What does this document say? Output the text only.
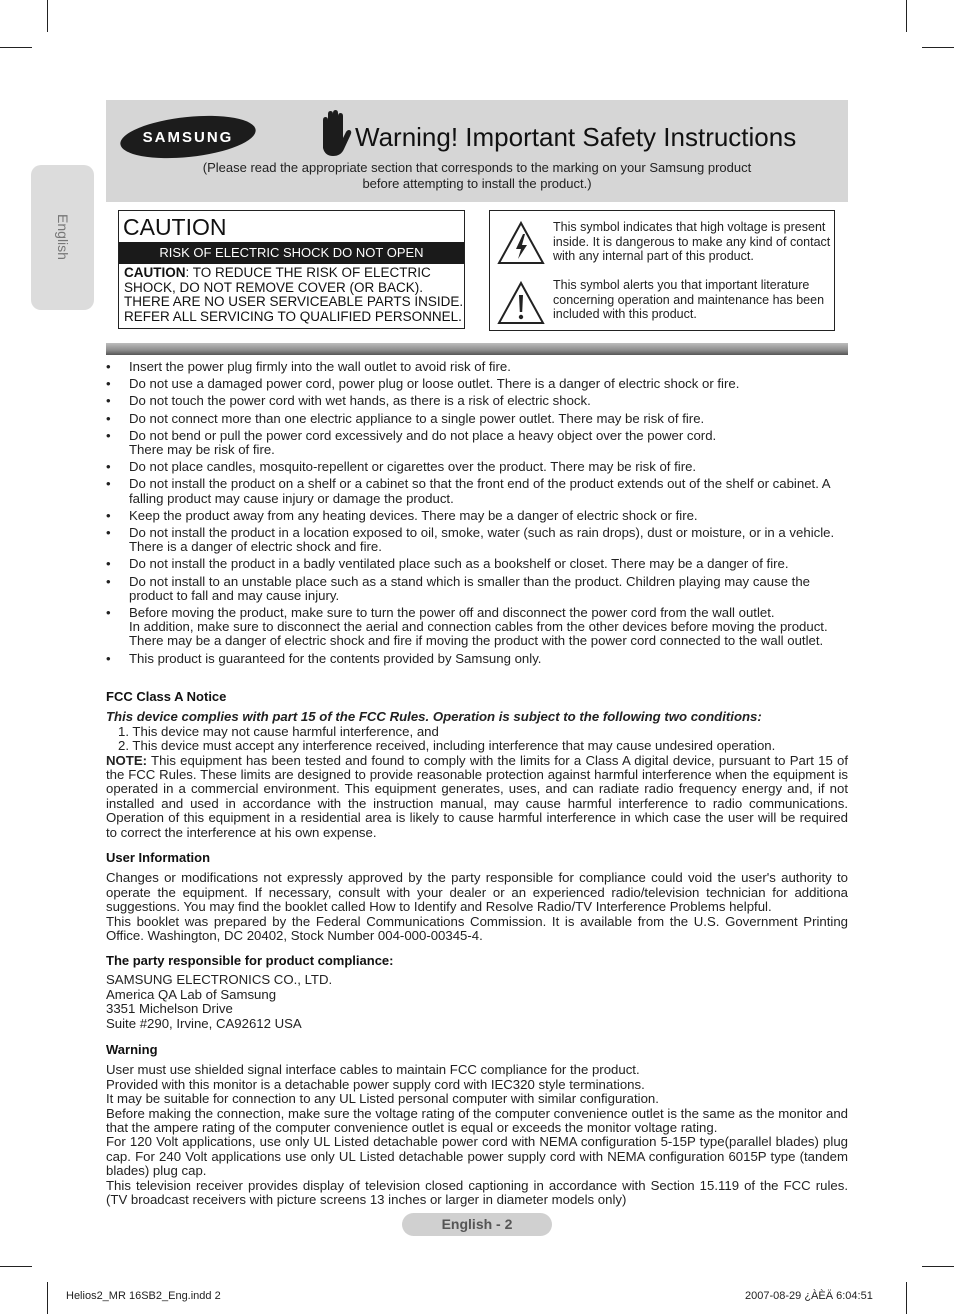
English
SAMSUNG	Warning! Important Safety Instructions
(Please read the appropriate section that corresponds to the marking on your Samsung product
before attempting to install the product.)
CAUTION
RISK OF ELECTRIC SHOCK DO NOT OPEN
CAUTION: TO REDUCE THE RISK OF ELECTRIC SHOCK, DO NOT REMOVE COVER (OR BACK). THERE ARE NO USER SERVICEABLE PARTS INSIDE. REFER ALL SERVICING TO QUALIFIED PERSONNEL.
This symbol indicates that high voltage is present inside. It is dangerous to make any kind of contact with any internal part of this product.
This symbol alerts you that important literature concerning operation and maintenance has been included with this product.
• Insert the power plug firmly into the wall outlet to avoid risk of fire.
• Do not use a damaged power cord, power plug or loose outlet. There is a danger of electric shock or fire.
• Do not touch the power cord with wet hands, as there is a risk of electric shock.
• Do not connect more than one electric appliance to a single power outlet. There may be risk of fire.
• Do not bend or pull the power cord excessively and do not place a heavy object over the power cord.
There may be risk of fire.
• Do not place candles, mosquito-repellent or cigarettes over the product. There may be risk of fire.
• Do not install the product on a shelf or a cabinet so that the front end of the product extends out of the shelf or cabinet. A falling product may cause injury or damage the product.
• Keep the product away from any heating devices. There may be a danger of electric shock or fire.
• Do not install the product in a location exposed to oil, smoke, water (such as rain drops), dust or moisture, or in a vehicle. There is a danger of electric shock and fire.
• Do not install the product in a badly ventilated place such as a bookshelf or closet. There may be a danger of fire.
• Do not install to an unstable place such as a stand which is smaller than the product. Children playing may cause the product to fall and may cause injury.
• Before moving the product, make sure to turn the power off and disconnect the power cord from the wall outlet.
In addition, make sure to disconnect the aerial and connection cables from the other devices before moving the product. There may be a danger of electric shock and fire if moving the product with the power cord connected to the wall outlet.
• This product is guaranteed for the contents provided by Samsung only.
FCC Class A Notice
This device complies with part 15 of the FCC Rules. Operation is subject to the following two conditions:
1. This device may not cause harmful interference, and
2. This device must accept any interference received, including interference that may cause undesired operation.
NOTE: This equipment has been tested and found to comply with the limits for a Class A digital device, pursuant to Part 15 of the FCC Rules. These limits are designed to provide reasonable protection against harmful interference when the equipment is operated in a commercial environment. This equipment generates, uses, and can radiate radio frequency energy and, if not installed and used in accordance with the instruction manual, may cause harmful interference to radio communications. Operation of this equipment in a residential area is likely to cause harmful interference in which case the user will be required to correct the interference at his own expense.
User Information
Changes or modifications not expressly approved by the party responsible for compliance could void the user's authority to operate the equipment. If necessary, consult with your dealer or an experienced radio/television technician for additiona suggestions. You may find the booklet called How to Identify and Resolve Radio/TV Interference Problems helpful.
This booklet was prepared by the Federal Communications Commission. It is available from the U.S. Government Printing Office. Washington, DC 20402, Stock Number 004-000-00345-4.
The party responsible for product compliance:
SAMSUNG ELECTRONICS CO., LTD.
America QA Lab of Samsung
3351 Michelson Drive
Suite #290, Irvine, CA92612 USA
Warning
User must use shielded signal interface cables to maintain FCC compliance for the product.
Provided with this monitor is a detachable power supply cord with IEC320 style terminations.
It may be suitable for connection to any UL Listed personal computer with similar configuration.
Before making the connection, make sure the voltage rating of the computer convenience outlet is the same as the monitor and that the ampere rating of the computer convenience outlet is equal or exceeds the monitor voltage rating.
For 120 Volt applications, use only UL Listed detachable power cord with NEMA configuration 5-15P type(parallel blades) plug cap. For 240 Volt applications use only UL Listed detachable power supply cord with NEMA configuration 6015P type (tandem blades) plug cap.
This television receiver provides display of television closed captioning in accordance with Section 15.119 of the FCC rules. (TV broadcast receivers with picture screens 13 inches or larger in diameter models only)
English - 2
Helios2_MR 16SB2_Eng.indd 2	2007-08-29 ¿ÀÈÄ 6:04:51
